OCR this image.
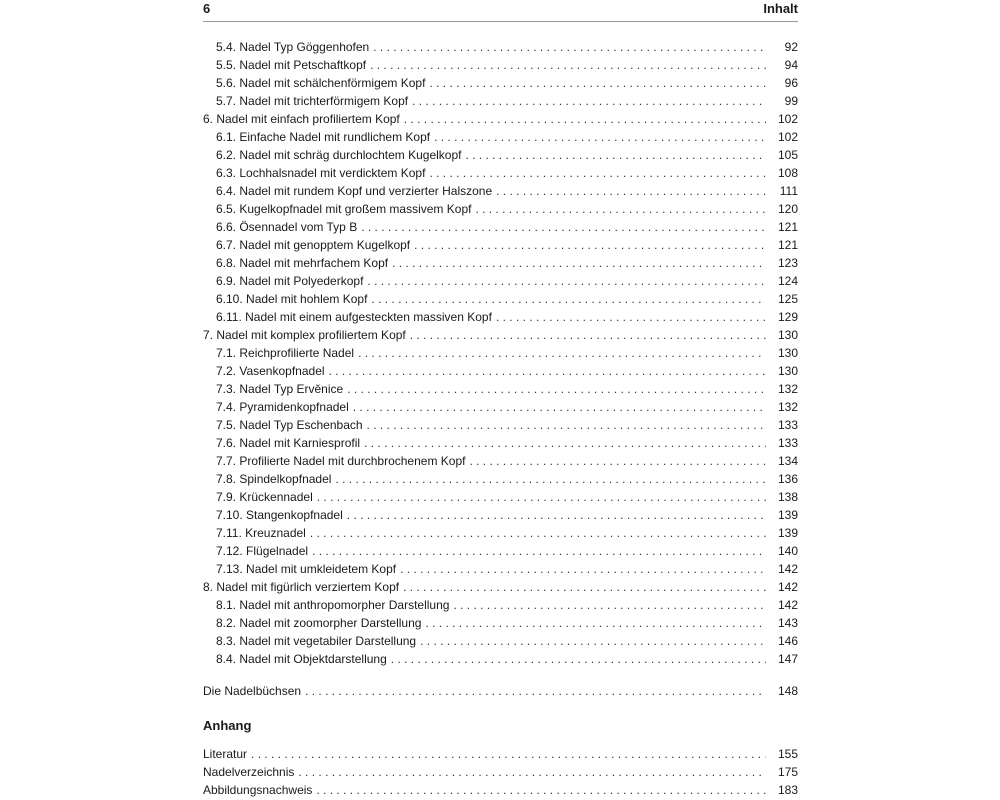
6	Inhalt
5.4. Nadel Typ Göggenhofen . . .	92
5.5. Nadel mit Petschaftkopf . . .	94
5.6. Nadel mit schälchenförmigem Kopf . . .	96
5.7. Nadel mit trichterförmigem Kopf . . .	99
6. Nadel mit einfach profiliertem Kopf . . .	102
6.1. Einfache Nadel mit rundlichem Kopf . . .	102
6.2. Nadel mit schräg durchlochtem Kugelkopf . . .	105
6.3. Lochhalsnadel mit verdicktem Kopf . . .	108
6.4. Nadel mit rundem Kopf und verzierter Halszone . . .	111
6.5. Kugelkopfnadel mit großem massivem Kopf . . .	120
6.6. Ösennadel vom Typ B . . .	121
6.7. Nadel mit genopptem Kugelkopf . . .	121
6.8. Nadel mit mehrfachem Kopf . . .	123
6.9. Nadel mit Polyederkopf . . .	124
6.10. Nadel mit hohlem Kopf . . .	125
6.11. Nadel mit einem aufgesteckten massiven Kopf . . .	129
7. Nadel mit komplex profiliertem Kopf . . .	130
7.1. Reichprofilierte Nadel . . .	130
7.2. Vasenkopfnadel . . .	130
7.3. Nadel Typ Ervěnice . . .	132
7.4. Pyramidenkopfnadel . . .	132
7.5. Nadel Typ Eschenbach . . .	133
7.6. Nadel mit Karniesprofil . . .	133
7.7. Profilierte Nadel mit durchbrochenem Kopf . . .	134
7.8. Spindelkopfnadel . . .	136
7.9. Krückennadel . . .	138
7.10. Stangenkopfnadel . . .	139
7.11. Kreuznadel . . .	139
7.12. Flügelnadel . . .	140
7.13. Nadel mit umkleidetem Kopf . . .	142
8. Nadel mit figürlich verziertem Kopf . . .	142
8.1. Nadel mit anthropomorpher Darstellung . . .	142
8.2. Nadel mit zoomorpher Darstellung . . .	143
8.3. Nadel mit vegetabiler Darstellung . . .	146
8.4. Nadel mit Objektdarstellung . . .	147
Die Nadelbüchsen . . .	148
Anhang
Literatur . . .	155
Nadelverzeichnis . . .	175
Abbildungsnachweis . . .	183
